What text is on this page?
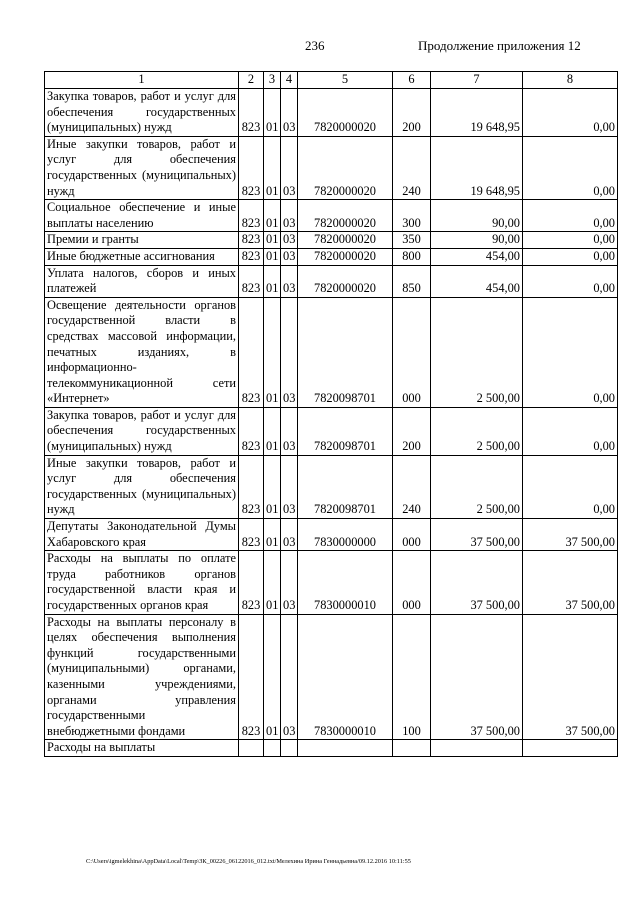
236	Продолжение приложения 12
1	2	3	4	5	6	7	8
Закупка товаров, работ и услуг для обеспечения государственных (муниципальных) нужд	823	01	03	7820000020	200	19 648,95	0,00
Иные закупки товаров, работ и услуг для обеспечения государственных (муниципальных) нужд	823	01	03	7820000020	240	19 648,95	0,00
Социальное обеспечение и иные выплаты населению	823	01	03	7820000020	300	90,00	0,00
Премии и гранты	823	01	03	7820000020	350	90,00	0,00
Иные бюджетные ассигнования	823	01	03	7820000020	800	454,00	0,00
Уплата налогов, сборов и иных платежей	823	01	03	7820000020	850	454,00	0,00
Освещение деятельности органов государственной власти в средствах массовой информации, печатных изданиях, в информационно-телекоммуникационной сети «Интернет»	823	01	03	7820098701	000	2 500,00	0,00
Закупка товаров, работ и услуг для обеспечения государственных (муниципальных) нужд	823	01	03	7820098701	200	2 500,00	0,00
Иные закупки товаров, работ и услуг для обеспечения государственных (муниципальных) нужд	823	01	03	7820098701	240	2 500,00	0,00
Депутаты Законодательной Думы Хабаровского края	823	01	03	7830000000	000	37 500,00	37 500,00
Расходы на выплаты по оплате труда работников органов государственной власти края и государственных органов края	823	01	03	7830000010	000	37 500,00	37 500,00
Расходы на выплаты персоналу в целях обеспечения выполнения функций государственными (муниципальными) органами, казенными учреждениями, органами управления государственными внебюджетными фондами	823	01	03	7830000010	100	37 500,00	37 500,00
Расходы на выплаты							
C:\Users\igmelekhina\AppData\Local\Temp\ЗК_00226_06122016_012.txt/Мелехина Ирина Геннадьевна/09.12.2016 10:11:55
